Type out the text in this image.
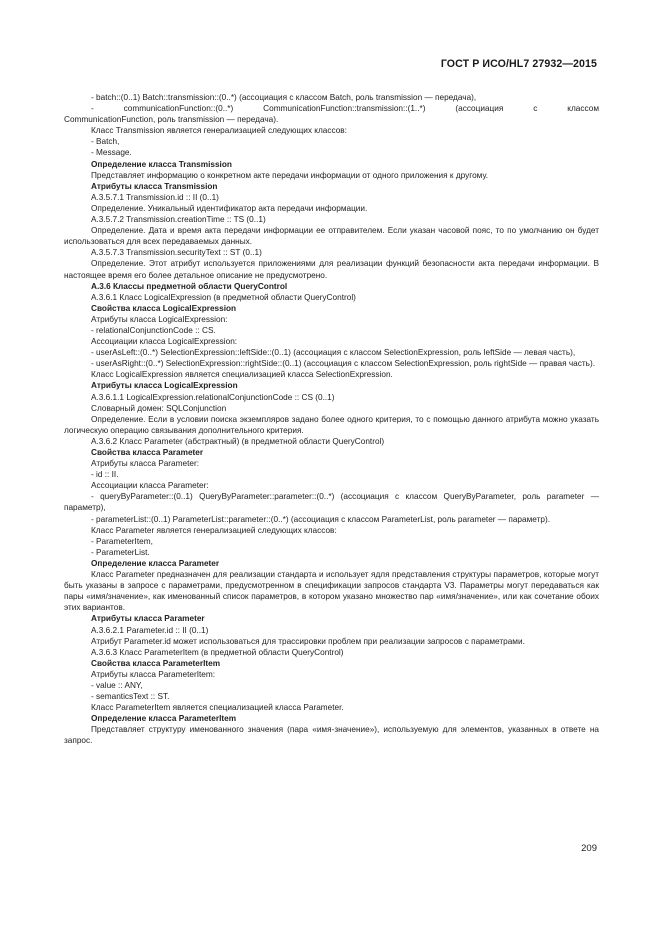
ГОСТ Р ИСО/HL7 27932—2015

- batch::(0..1) Batch::transmission::(0..*) (ассоциация с классом Batch, роль transmission — передача),

- communicationFunction::(0..*) CommunicationFunction::transmission::(1..*) (ассоциация с классом

CommunicationFunction, роль transmission — передача).

Класс Transmission является генерализацией следующих классов:

- Batch,

- Message.

Определение класса Transmission

Представляет информацию о конкретном акте передачи информации от одного приложения к другому.

Атрибуты класса Transmission

A.3.5.7.1 Transmission.id :: II (0..1)

Определение. Уникальный идентификатор акта передачи информации.

A.3.5.7.2 Transmission.creationTime :: TS (0..1)

Определение. Дата и время акта передачи информации ее отправителем. Если указан часовой пояс, то по умолчанию он будет использоваться для всех передаваемых данных.

A.3.5.7.3 Transmission.securityText :: ST (0..1)

Определение. Этот атрибут используется приложениями для реализации функций безопасности акта передачи информации. В настоящее время его более детальное описание не предусмотрено.

A.3.6 Классы предметной области QueryControl

A.3.6.1 Класс LogicalExpression (в предметной области QueryControl)

Свойства класса LogicalExpression

Атрибуты класса LogicalExpression:

- relationalConjunctionCode :: CS.

Ассоциации класса LogicalExpression:

- userAsLeft::(0..*) SelectionExpression::leftSide::(0..1) (ассоциация с классом SelectionExpression, роль leftSide — левая часть),

- userAsRight::(0..*) SelectionExpression::rightSide::(0..1) (ассоциация с классом SelectionExpression, роль rightSide — правая часть).

Класс LogicalExpression является специализацией класса SelectionExpression.

Атрибуты класса LogicalExpression

A.3.6.1.1 LogicalExpression.relationalConjunctionCode :: CS (0..1)

Словарный домен: SQLConjunction

Определение. Если в условии поиска экземпляров задано более одного критерия, то с помощью данного атрибута можно указать логическую операцию связывания дополнительного критерия.

A.3.6.2 Класс Parameter (абстрактный) (в предметной области QueryControl)

Свойства класса Parameter

Атрибуты класса Parameter:

- id :: II.

Ассоциации класса Parameter:

- queryByParameter::(0..1) QueryByParameter::parameter::(0..*) (ассоциация с классом QueryByParameter, роль parameter — параметр),

- parameterList::(0..1) ParameterList::parameter::(0..*) (ассоциация с классом ParameterList, роль parameter — параметр).

Класс Parameter является генерализацией следующих классов:

- ParameterItem,

- ParameterList.

Определение класса Parameter

Класс Parameter предназначен для реализации стандарта и использует ядля представления структуры параметров, которые могут быть указаны в запросе с параметрами, предусмотренном в спецификации запросов стандарта V3. Параметры могут передаваться как пары «имя/значение», как именованный список параметров, в котором указано множество пар «имя/значение», или как сочетание обоих этих вариантов.

Атрибуты класса Parameter

A.3.6.2.1 Parameter.id :: II (0..1)

Атрибут Parameter.id может использоваться для трассировки проблем при реализации запросов с параметрами.

A.3.6.3 Класс ParameterItem (в предметной области QueryControl)

Свойства класса ParameterItem

Атрибуты класса ParameterItem:

- value :: ANY,

- semanticsText :: ST.

Класс ParameterItem является специализацией класса Parameter.

Определение класса ParameterItem

Представляет структуру именованного значения (пара «имя-значение»), используемую для элементов, указанных в ответе на запрос.

209
